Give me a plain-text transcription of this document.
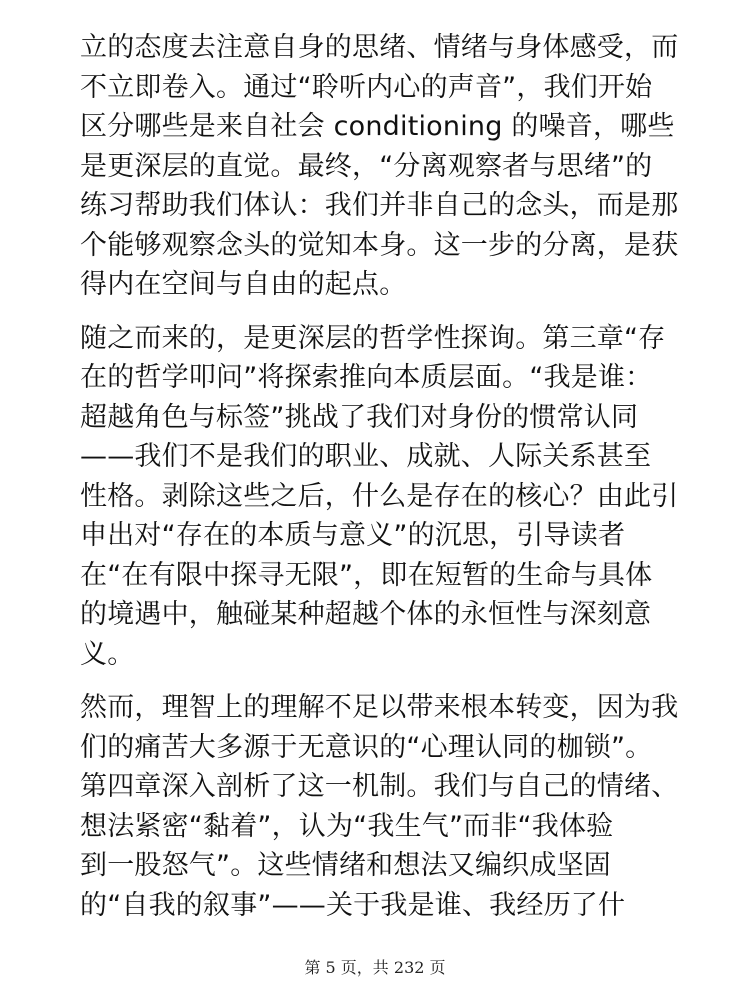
立的态度去注意自身的思绪、情绪与身体感受，而
不立即卷入。通过“聆听内心的声音”，我们开始
区分哪些是来自社会 conditioning 的噪音，哪些
是更深层的直觉。最终，“分离观察者与思绪”的
练习帮助我们体认：我们并非自己的念头，而是那
个能够观察念头的觉知本身。这一步的分离，是获
得内在空间与自由的起点。
随之而来的，是更深层的哲学性探询。第三章“存
在的哲学叩问”将探索推向本质层面。“我是谁：
超越角色与标签”挑战了我们对身份的惯常认同
——我们不是我们的职业、成就、人际关系甚至
性格。剥除这些之后，什么是存在的核心？由此引
申出对“存在的本质与意义”的沉思，引导读者
在“在有限中探寻无限”，即在短暂的生命与具体
的境遇中，触碰某种超越个体的永恒性与深刻意
义。
然而，理智上的理解不足以带来根本转变，因为我
们的痛苦大多源于无意识的“心理认同的枷锁”。
第四章深入剖析了这一机制。我们与自己的情绪、
想法紧密“黏着”，认为“我生气”而非“我体验
到一股怒气”。这些情绪和想法又编织成坚固
的“自我的叙事”——关于我是谁、我经历了什
第 5 页，共 232 页
